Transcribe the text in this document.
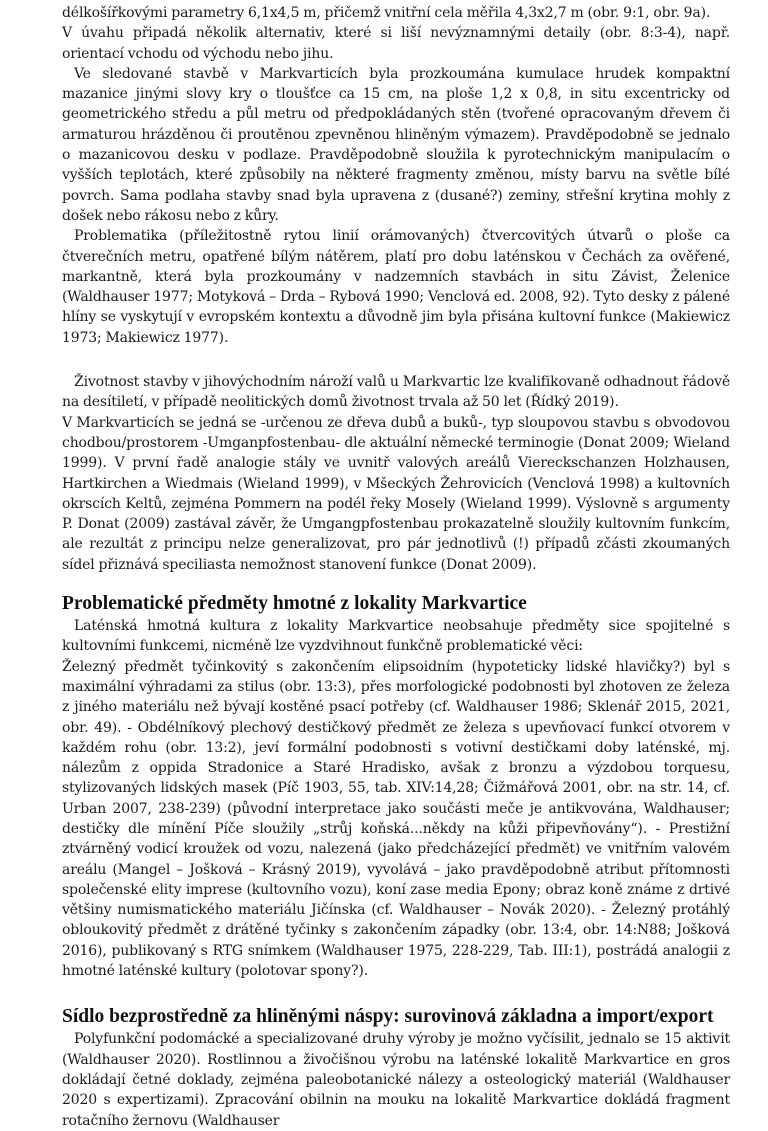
délkošířkovými parametry 6,1x4,5 m, přičemž vnitřní cela měřila 4,3x2,7 m (obr. 9:1, obr. 9a).

V úvahu připadá několik alternativ, které si liší nevýznamnými detaily (obr. 8:3-4), např. orientací vchodu od východu nebo jihu.

Ve sledované stavbě v Markvarticích byla prozkoumána kumulace hrudek kompaktní mazanice jinými slovy kry o tloušťce ca 15 cm, na ploše 1,2 x 0,8, in situ excentricky od geometrického středu a půl metru od předpokládaných stěn (tvořené opracovaným dřevem či armaturou hrázděnou či proutěnou zpevněnou hliněným výmazem). Pravděpodobně se jednalo o mazanicovou desku v podlaze. Pravděpodobně sloužila k pyrotechnickým manipulacím o vyšších teplotách, které způsobily na některé fragmenty změnou, místy barvu na světle bílé povrch. Sama podlaha stavby snad byla upravena z (dusané?) zeminy, střešní krytina mohly z došek nebo rákosu nebo z kůry.

Problematika (příležitostně rytou linií orámovaných) čtvercovitých útvarů o ploše ca čtverečních metru, opatřené bílým nátěrem, platí pro dobu laténskou v Čechách za ověřené, markantně, která byla prozkoumány v nadzemních stavbách in situ Závist, Želenice (Waldhauser 1977; Motyková – Drda – Rybová 1990; Venclová ed. 2008, 92). Tyto desky z pálené hlíny se vyskytují v evropském kontextu a důvodně jim byla přisána kultovní funkce (Makiewicz 1973; Makiewicz 1977).

Životnost stavby v jihovýchodním nároží valů u Markvartic lze kvalifikovaně odhadnout řádově na desítiletí, v případě neolitických domů životnost trvala až 50 let (Řídký 2019).

V Markvarticích se jedná se -určenou ze dřeva dubů a buků-, typ sloupovou stavbu s obvodovou chodbou/prostorem -Umganpfostenbau- dle aktuální německé terminogie (Donat 2009; Wieland 1999). V první řadě analogie stály ve uvnitř valových areálů Viereckschanzen Holzhausen, Hartkirchen a Wiedmais (Wieland 1999), v Mšeckých Žehrovicích (Venclová 1998) a kultovních okrscích Keltů, zejména Pommern na podél řeky Mosely (Wieland 1999). Výslovně s argumenty P. Donat (2009) zastával závěr, že Umgangpfostenbau prokazatelně sloužily kultovním funkcím, ale rezultát z principu nelze generalizovat, pro pár jednotlivů (!) případů zčásti zkoumaných sídel přiznává speciliasta nemožnost stanovení funkce (Donat 2009).

Problematické předměty hmotné z lokality Markvartice

Laténská hmotná kultura z lokality Markvartice neobsahuje předměty sice spojitelné s kultovními funkcemi, nicméně lze vyzdvihnout funkčně problematické věci:

Železný předmět tyčinkovitý s zakončením elipsoidním (hypoteticky lidské hlavičky?) byl s maximální výhradami za stilus (obr. 13:3), přes morfologické podobnosti byl zhotoven ze železa z jiného materiálu než bývají kostěné psací potřeby (cf. Waldhauser 1986; Sklenář 2015, 2021, obr. 49). - Obdélníkový plechový destičkový předmět ze železa s upevňovací funkcí otvorem v každém rohu (obr. 13:2), jeví formální podobnosti s votivní destičkami doby laténské, mj. nálezům z oppida Stradonice a Staré Hradisko, avšak z bronzu a výzdobou torquesu, stylizovaných lidských masek (Píč 1903, 55, tab. XIV:14,28; Čižmářová 2001, obr. na str. 14, cf. Urban 2007, 238-239) (původní interpretace jako součásti meče je antikvována, Waldhauser; destičky dle mínění Píče sloužily „strůj koňská...někdy na kůži připevňovány“). - Prestižní ztvárněný vodicí kroužek od vozu, nalezená (jako předcházející předmět) ve vnitřním valovém areálu (Mangel – Jošková – Krásný 2019), vyvolává – jako pravděpodobně atribut přítomnosti společenské elity imprese (kultovního vozu), koní zase media Epony; obraz koně známe z drtivé většiny numismatického materiálu Jičínska (cf. Waldhauser – Novák 2020). - Železný protáhlý obloukovitý předmět z drátěné tyčinky s zakončením západky (obr. 13:4, obr. 14:N88; Jošková 2016), publikovaný s RTG snímkem (Waldhauser 1975, 228-229, Tab. III:1), postrádá analogii z hmotné laténské kultury (polotovar spony?).

Sídlo bezprostředně za hliněnými náspy: surovinová základna a import/export

Polyfunkční podomácké a specializované druhy výroby je možno vyčísilit, jednalo se 15 aktivit (Waldhauser 2020). Rostlinnou a živočišnou výrobu na laténské lokalitě Markvartice en gros dokládají četné doklady, zejména paleobotanické nálezy a osteologický materiál (Waldhauser 2020 s expertizami). Zpracování obilnin na mouku na lokalitě Markvartice dokládá fragment rotačního žernovu (Waldhauser
